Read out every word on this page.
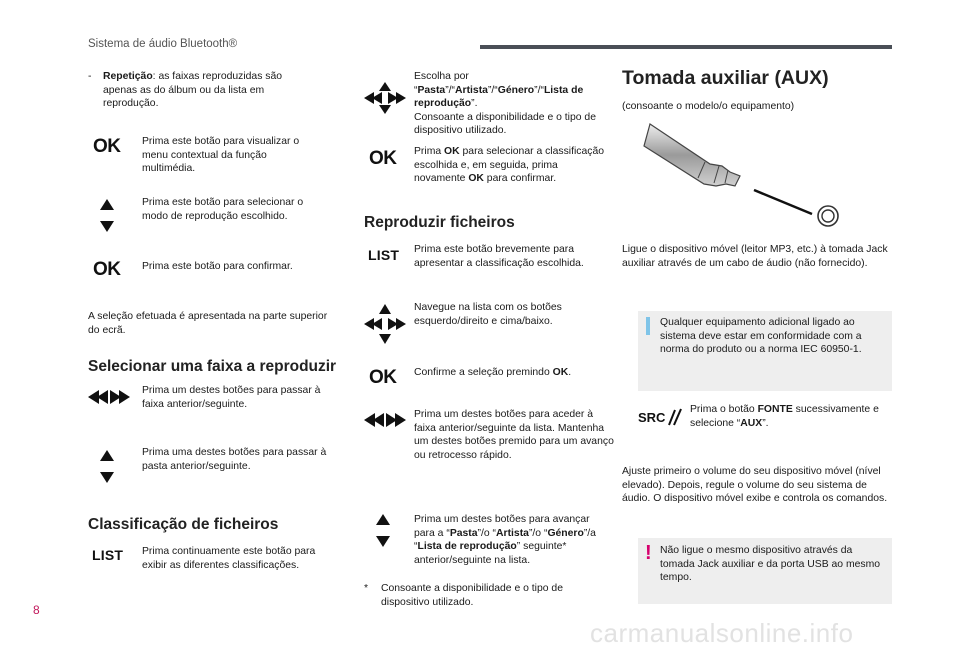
Sistema de áudio Bluetooth®
-	Repetição: as faixas reproduzidas são apenas as do álbum ou da lista em reprodução.
OK Prima este botão para visualizar o menu contextual da função multimédia.
Prima este botão para selecionar o modo de reprodução escolhido.
OK Prima este botão para confirmar.
A seleção efetuada é apresentada na parte superior do ecrã.
Selecionar uma faixa a reproduzir
Prima um destes botões para passar à faixa anterior/seguinte.
Prima uma destes botões para passar à pasta anterior/seguinte.
Classificação de ficheiros
LIST Prima continuamente este botão para exibir as diferentes classificações.
Escolha por
“Pasta”/“Artista”/“Género”/“Lista de reprodução”.
Consoante a disponibilidade e o tipo de dispositivo utilizado.
OK Prima OK para selecionar a classificação escolhida e, em seguida, prima novamente OK para confirmar.
Reproduzir ficheiros
LIST Prima este botão brevemente para apresentar a classificação escolhida.
Navegue na lista com os botões esquerdo/direito e cima/baixo.
OK Confirme a seleção premindo OK.
Prima um destes botões para aceder à faixa anterior/seguinte da lista. Mantenha um destes botões premido para um avanço ou retrocesso rápido.
Prima um destes botões para avançar para a “Pasta”/o “Artista”/o “Género”/a “Lista de reprodução” seguinte* anterior/seguinte na lista.
* Consoante a disponibilidade e o tipo de dispositivo utilizado.
Tomada auxiliar (AUX)
(consoante o modelo/o equipamento)
Ligue o dispositivo móvel (leitor MP3, etc.) à tomada Jack auxiliar através de um cabo de áudio (não fornecido).
Qualquer equipamento adicional ligado ao sistema deve estar em conformidade com a norma do produto ou a norma IEC 60950-1.
SRC
Prima o botão FONTE sucessivamente e selecione “AUX”.
Ajuste primeiro o volume do seu dispositivo móvel (nível elevado). Depois, regule o volume do seu sistema de áudio. O dispositivo móvel exibe e controla os comandos.
! Não ligue o mesmo dispositivo através da tomada Jack auxiliar e da porta USB ao mesmo tempo.
8
carmanualsonline.info
